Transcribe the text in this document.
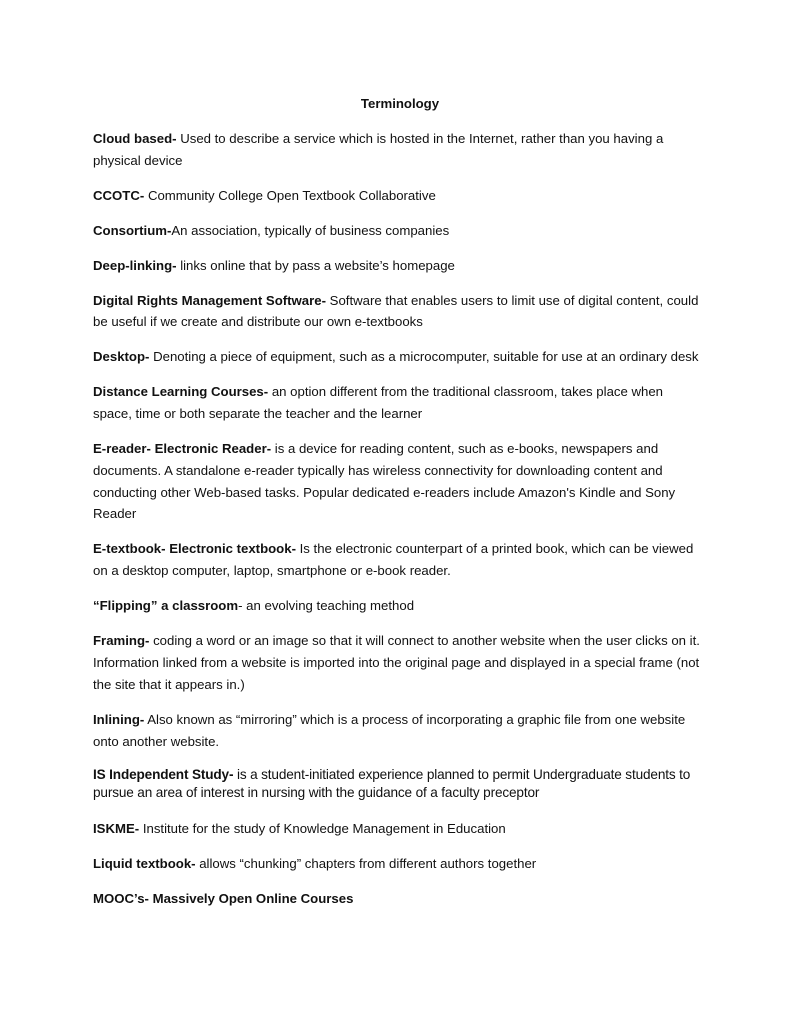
Terminology

Cloud based- Used to describe a service which is hosted in the Internet, rather than you having a physical device

CCOTC- Community College Open Textbook Collaborative

Consortium-An association, typically of business companies

Deep-linking- links online that by pass a website’s homepage

Digital Rights Management Software- Software that enables users to limit use of digital content, could be useful if we create and distribute our own e-textbooks

Desktop- Denoting a piece of equipment, such as a microcomputer, suitable for use at an ordinary desk

Distance Learning Courses- an option different from the traditional classroom, takes place when space, time or both separate the teacher and the learner

E-reader- Electronic Reader- is a device for reading content, such as e-books, newspapers and documents. A standalone e-reader typically has wireless connectivity for downloading content and conducting other Web-based tasks. Popular dedicated e-readers include Amazon's Kindle and Sony Reader

E-textbook- Electronic textbook- Is the electronic counterpart of a printed book, which can be viewed on a desktop computer, laptop, smartphone or e-book reader.

“Flipping” a classroom- an evolving teaching method

Framing- coding a word or an image so that it will connect to another website when the user clicks on it. Information linked from a website is imported into the original page and displayed in a special frame (not the site that it appears in.)

Inlining- Also known as “mirroring” which is a process of incorporating a graphic file from one website onto another website.

IS Independent Study- is a student-initiated experience planned to permit Undergraduate students to pursue an area of interest in nursing with the guidance of a faculty preceptor

ISKME- Institute for the study of Knowledge Management in Education

Liquid textbook- allows “chunking” chapters from different authors together

MOOC’s- Massively Open Online Courses
